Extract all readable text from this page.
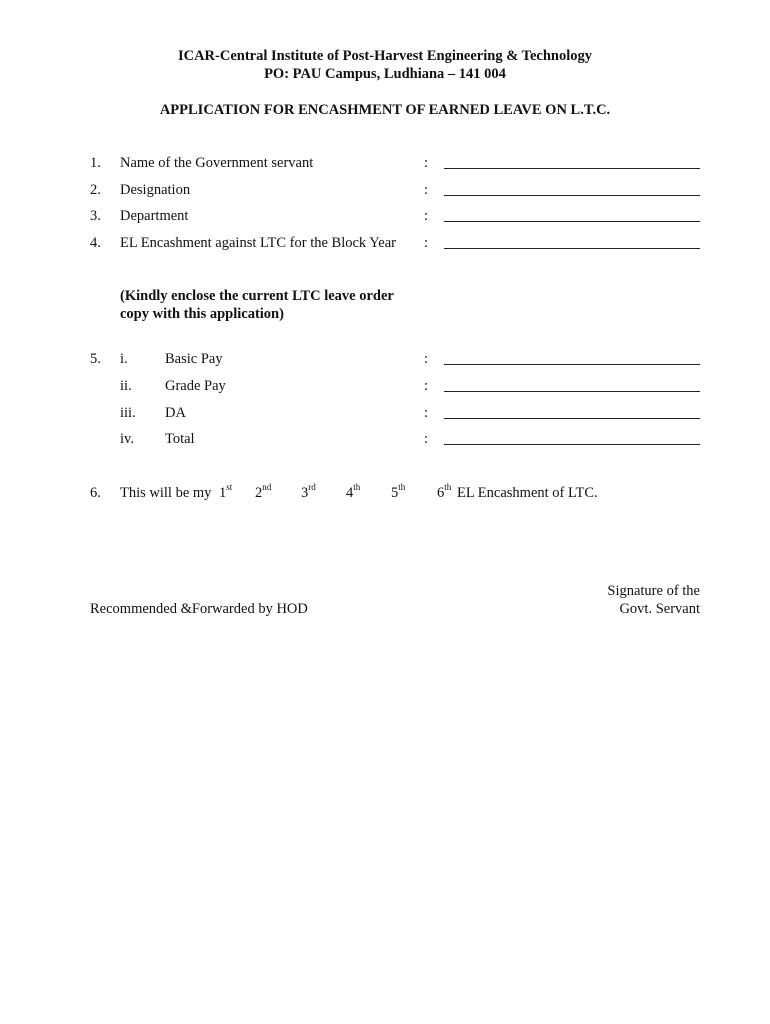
ICAR-Central Institute of Post-Harvest Engineering & Technology
PO: PAU Campus, Ludhiana – 141 004
APPLICATION FOR ENCASHMENT OF EARNED LEAVE ON L.T.C.
1. Name of the Government servant	:
2. Designation	:
3. Department	:
4. EL Encashment against LTC for the Block Year :
(Kindly enclose the current LTC leave order
copy with this application)
5. i.	Basic Pay	:
ii. Grade Pay	:
iii. DA	:
iv. Total	:
6. This will be my 1st 2nd 3rd 4th 5th 6th EL Encashment of LTC.
Recommended &Forwarded by HOD
Signature of the
Govt. Servant
